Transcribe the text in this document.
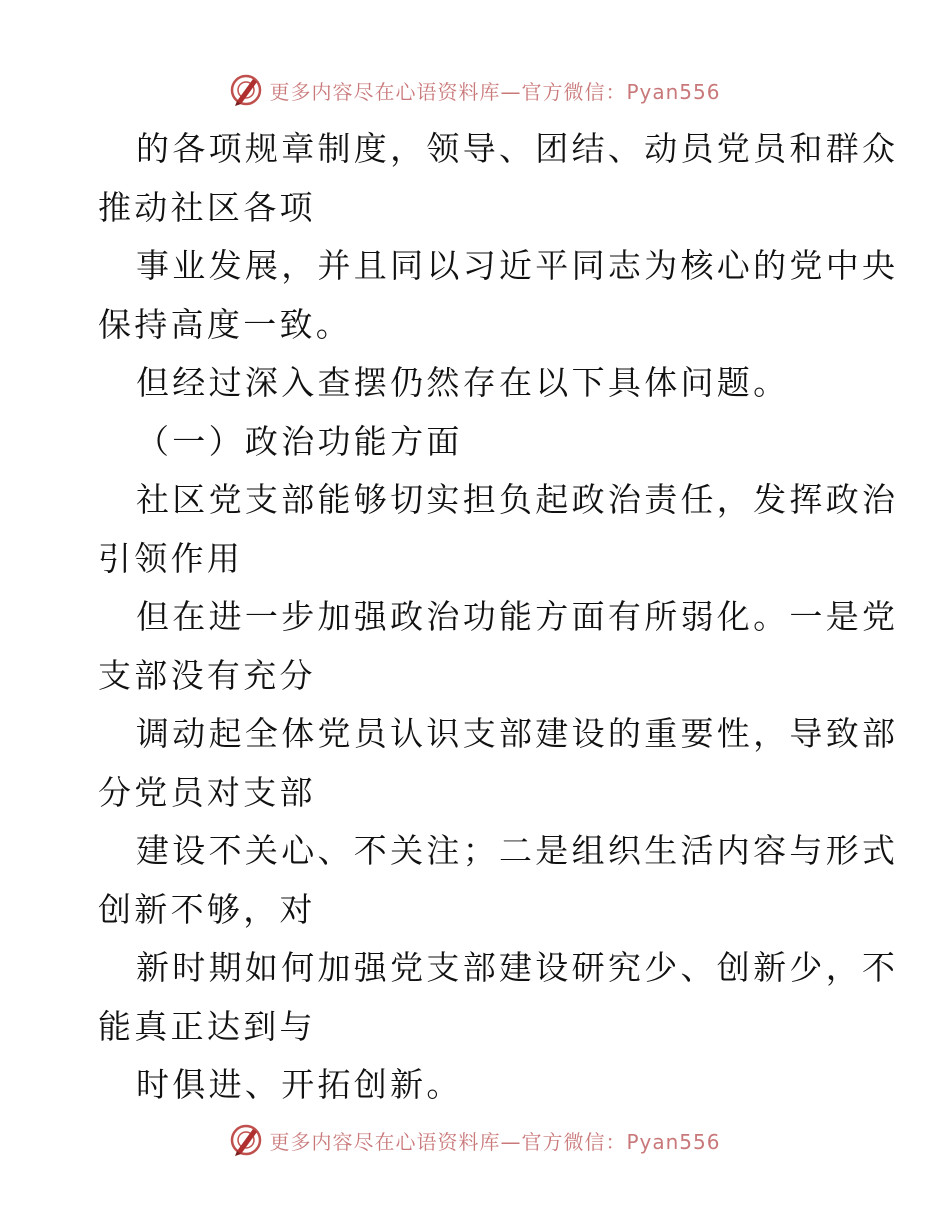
更多内容尽在心语资料库—官方微信：Pyan556
的各项规章制度，领导、团结、动员党员和群众
推动社区各项
事业发展，并且同以习近平同志为核心的党中央
保持高度一致。
但经过深入查摆仍然存在以下具体问题。
（一）政治功能方面
社区党支部能够切实担负起政治责任，发挥政治
引领作用
但在进一步加强政治功能方面有所弱化。一是党
支部没有充分
调动起全体党员认识支部建设的重要性，导致部
分党员对支部
建设不关心、不关注；二是组织生活内容与形式
创新不够，对
新时期如何加强党支部建设研究少、创新少，不
能真正达到与
时俱进、开拓创新。
更多内容尽在心语资料库—官方微信：Pyan556
